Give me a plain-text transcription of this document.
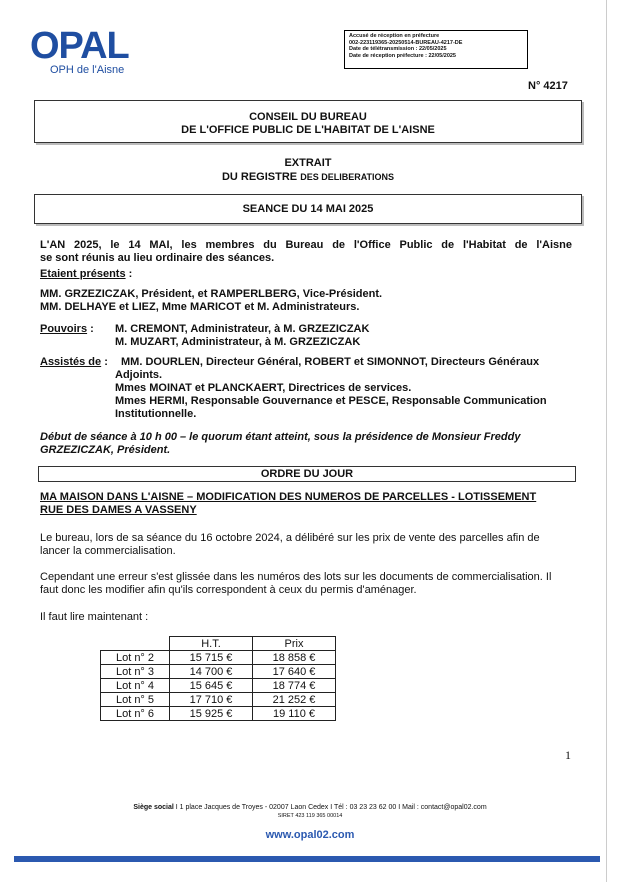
OPAL
OPH de l'Aisne
Accusé de réception en préfecture
002-223119365-20250514-BUREAU-4217-DE
Date de télétransmission : 22/05/2025
Date de réception préfecture : 22/05/2025
N° 4217
CONSEIL DU BUREAU
DE L'OFFICE PUBLIC DE L'HABITAT DE L'AISNE
EXTRAIT
DU REGISTRE DES DELIBERATIONS
SEANCE DU 14 MAI 2025
L'AN 2025, le 14 MAI, les membres du Bureau de l'Office Public de l'Habitat de l'Aisne
se sont réunis au lieu ordinaire des séances.
Etaient présents :
MM. GRZEZICZAK, Président, et RAMPERLBERG, Vice-Président.
MM. DELHAYE et LIEZ, Mme MARICOT et M. Administrateurs.
Pouvoirs : M. CREMONT, Administrateur, à M. GRZEZICZAK
M. MUZART, Administrateur, à M. GRZEZICZAK
Assistés de : MM. DOURLEN, Directeur Général, ROBERT et SIMONNOT, Directeurs Généraux
Adjoints.
Mmes MOINAT et PLANCKAERT, Directrices de services.
Mmes HERMI, Responsable Gouvernance et PESCE, Responsable Communication
Institutionnelle.
Début de séance à 10 h 00 – le quorum étant atteint, sous la présidence de Monsieur Freddy
GRZEZICZAK, Président.
ORDRE DU JOUR
MA MAISON DANS L'AISNE – MODIFICATION DES NUMEROS DE PARCELLES - LOTISSEMENT
RUE DES DAMES A VASSENY
Le bureau, lors de sa séance du 16 octobre 2024, a délibéré sur les prix de vente des parcelles afin de
lancer la commercialisation.
Cependant une erreur s'est glissée dans les numéros des lots sur les documents de commercialisation. Il
faut donc les modifier afin qu'ils correspondent à ceux du permis d'aménager.
Il faut lire maintenant :
	H.T.	Prix
Lot n° 2	15 715 €	18 858 €
Lot n° 3	14 700 €	17 640 €
Lot n° 4	15 645 €	18 774 €
Lot n° 5	17 710 €	21 252 €
Lot n° 6	15 925 €	19 110 €
1
Siège social I 1 place Jacques de Troyes - 02007 Laon Cedex I Tél : 03 23 23 62 00 I Mail : contact@opal02.com
SIRET 423 119 365 00014
www.opal02.com
